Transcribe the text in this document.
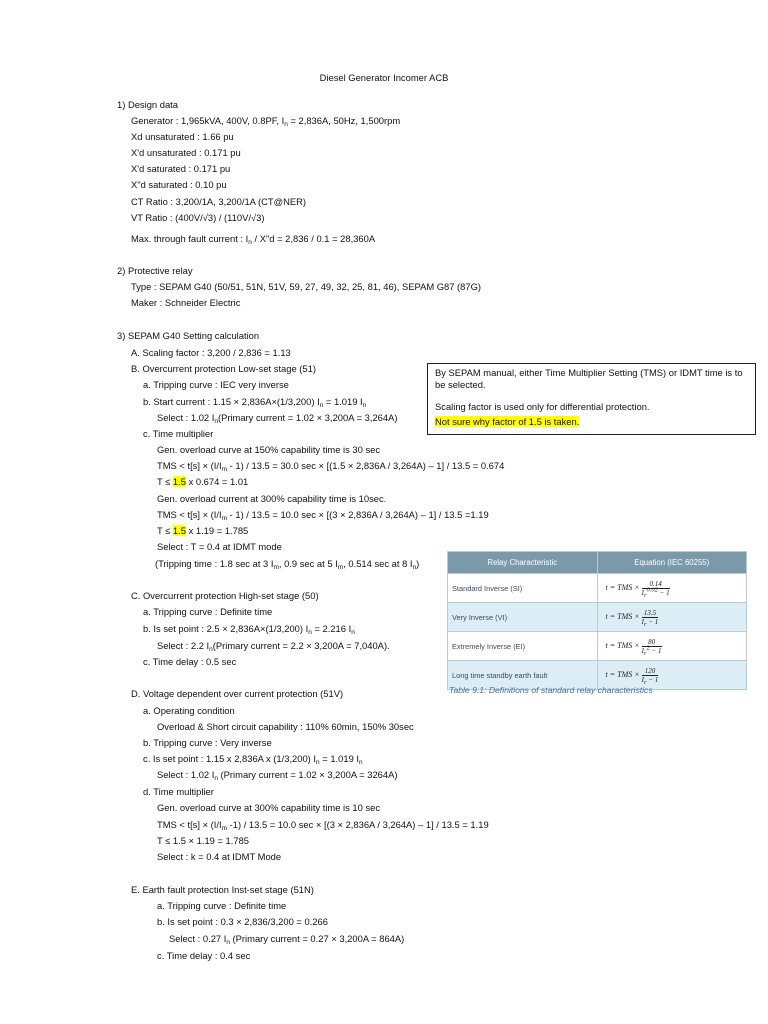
Diesel Generator Incomer ACB
1) Design data
Generator : 1,965kVA, 400V, 0.8PF, $I_n = 2,836A$, 50Hz, 1,500rpm
Xd unsaturated : 1.66 pu
X'd unsaturated : 0.171 pu
X'd saturated : 0.171 pu
X"d saturated : 0.10 pu
CT Ratio : 3,200/1A, 3,200/1A (CT@NER)
VT Ratio : (400V/√3) / (110V/√3)
Max. through fault current : $I_n$ / X"d = 2,836 / 0.1 = 28,360A
2) Protective relay
Type : SEPAM G40 (50/51, 51N, 51V, 59, 27, 49, 32, 25, 81, 46), SEPAM G87 (87G)
Maker : Schneider Electric
3) SEPAM G40 Setting calculation
A. Scaling factor : 3,200 / 2,836 = 1.13
B. Overcurrent protection Low-set stage (51)
a. Tripping curve : IEC very inverse
b. Start current : 1.15 × 2,836A×(1/3,200) $I_n = 1.019$ $I_n$
Select : 1.02 $I_n(Primary$ current = 1.02 × 3,200A = 3,264A)
c. Time multiplier
Gen. overload curve at 150% capability time is 30 sec
TMS < $t[s] \times (I/I_m - 1) / 13.5 = 30.0$ sec × [(1.5 × 2,836A / 3,264A) – 1] / 13.5 = 0.674
T ≤ 1.5 x 0.674 = 1.01
Gen. overload current at 300% capability time is 10sec.
TMS < $t[s] \times (I/I_m - 1) / 13.5 = 10.0$ sec × [(3 × 2,836A / 3,264A) – 1] / 13.5 =1.19
T ≤ 1.5 x 1.19 = 1.785
Select : T = 0.4 at IDMT mode
(Tripping time : 1.8 sec at 3 $I_m$, 0.9 sec at 5 $I_m$, 0.514 sec at 8 $I_n$)
C. Overcurrent protection High-set stage (50)
a. Tripping curve : Definite time
b. Is set point : 2.5 × 2,836A×(1/3,200) $I_n = 2.216$ $I_n$
Select : 2.2 $I_n(Primary$ current = 2.2 × 3,200A = 7,040A).
c. Time delay : 0.5 sec
D. Voltage dependent over current protection (51V)
a. Operating condition
Overload & Short circuit capability : 110% 60min, 150% 30sec
b. Tripping curve : Very inverse
c. Is set point : 1.15 x 2,836A x (1/3,200) $I_n = 1.019$ $I_n$
Select : 1.02 $I_n$ (Primary current = 1.02 × 3,200A = 3264A)
d. Time multiplier
Gen. overload curve at 300% capability time is 10 sec
TMS < $t[s] \times (I/I_m$ -1) / 13.5 = 10.0 sec × [(3 × 2,836A / 3,264A) – 1] / 13.5 = 1.19
T ≤ 1.5 × 1.19 = 1.785
Select : k = 0.4 at IDMT Mode
E. Earth fault protection Inst-set stage (51N)
a. Tripping curve : Definite time
b. Is set point : 0.3 × 2,836/3,200 = 0.266
Select : 0.27 $I_n$ (Primary current = 0.27 × 3,200A = 864A)
c. Time delay : 0.4 sec
By SEPAM manual, either Time Multiplier Setting (TMS) or IDMT time is to be selected.
Scaling factor is used only for differential protection.
Not sure why factor of 1.5 is taken.
Relay Characteristic	Equation (IEC 60255)
Standard Inverse (SI)	t = TMS × $\frac{0.14}{I_r^{0.02} - 1}$

Very Inverse (VI)	t = TMS × $\frac{13.5}{I_r - 1}$

Extremely Inverse (EI)	t = TMS × $\frac{80}{I_r^2 - 1}$

Long time standby earth fault	t = TMS × $\frac{120}{I_r - 1}$
Table 9.1: Definitions of standard relay characteristics
